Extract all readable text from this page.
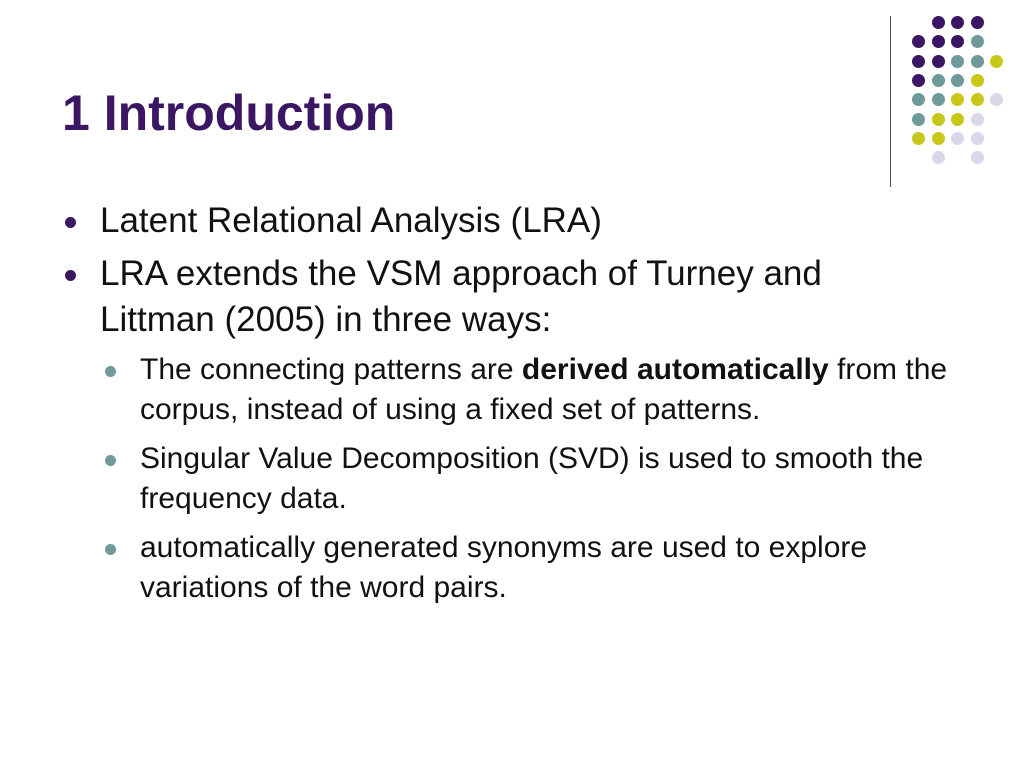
1 Introduction
Latent Relational Analysis (LRA)
LRA extends the VSM approach of Turney and Littman (2005) in three ways:
The connecting patterns are derived automatically from the corpus, instead of using a fixed set of patterns.
Singular Value Decomposition (SVD) is used to smooth the frequency data.
automatically generated synonyms are used to explore variations of the word pairs.
